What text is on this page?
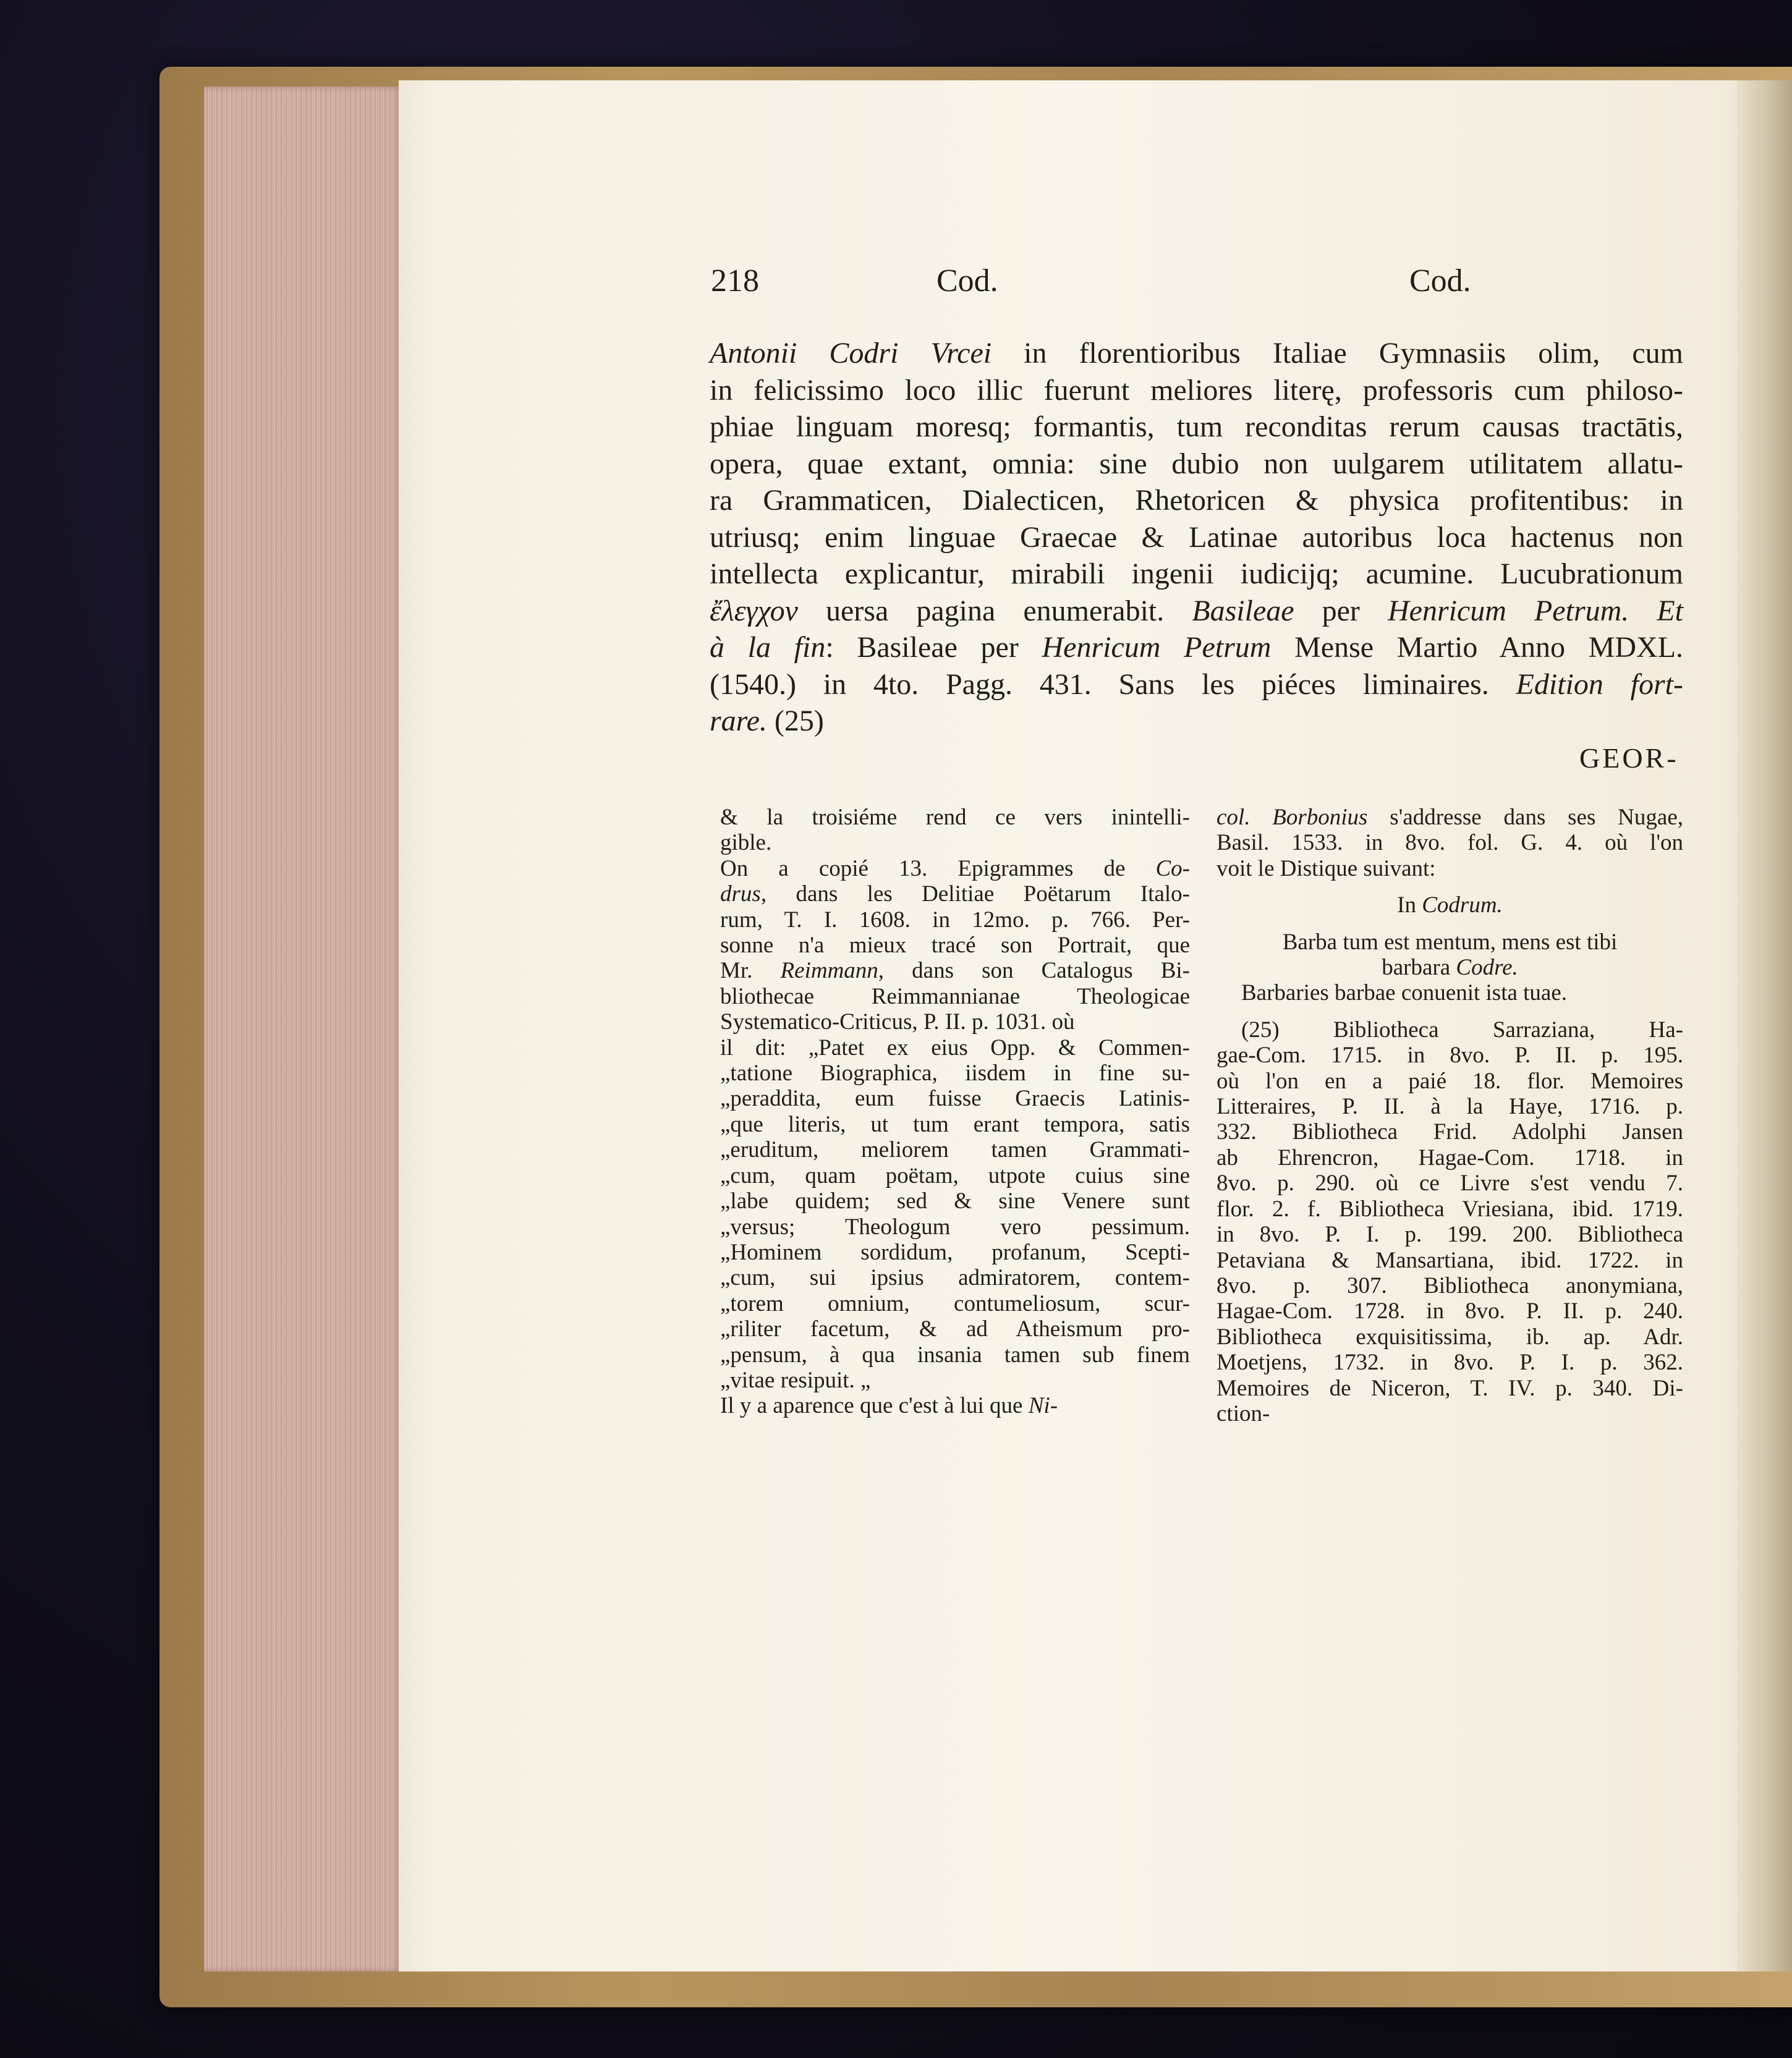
218	Cod.	Cod.
Antonii Codri Vrcei in florentioribus Italiae Gymnasiis olim, cum
in felicissimo loco illic fuerunt meliores literę, professoris cum philoso-
phiae linguam moresq; formantis, tum reconditas rerum causas tractātis,
opera, quae extant, omnia: sine dubio non uulgarem utilitatem allatu-
ra Grammaticen, Dialecticen, Rhetoricen & physica profitentibus: in
utriusq; enim linguae Graecae & Latinae autoribus loca hactenus non
intellecta explicantur, mirabili ingenii iudicijq; acumine. Lucubrationum
ἔλεγχον uersa pagina enumerabit. Basileae per Henricum Petrum. Et
à la fin: Basileae per Henricum Petrum Mense Martio Anno MDXL.
(1540.) in 4to. Pagg. 431. Sans les piéces liminaires. Edition fort-
rare. (25)
GEOR-
& la troisiéme rend ce vers inintelli-
gible.
On a copié 13. Epigrammes de Co-
drus, dans les Delitiae Poëtarum Italo-
rum, T. I. 1608. in 12mo. p. 766. Per-
sonne n'a mieux tracé son Portrait, que
Mr. Reimmann, dans son Catalogus Bi-
bliothecae Reimmannianae Theologicae
Systematico-Criticus, P. II. p. 1031. où
il dit: „Patet ex eius Opp. & Commen-
„tatione Biographica, iisdem in fine su-
„peraddita, eum fuisse Graecis Latinis-
„que literis, ut tum erant tempora, satis
„eruditum, meliorem tamen Grammati-
„cum, quam poëtam, utpote cuius sine
„labe quidem; sed & sine Venere sunt
„versus; Theologum vero pessimum.
„Hominem sordidum, profanum, Scepti-
„cum, sui ipsius admiratorem, contem-
„torem omnium, contumeliosum, scur-
„riliter facetum, & ad Atheismum pro-
„pensum, à qua insania tamen sub finem
„vitae resipuit. „
Il y a aparence que c'est à lui que Ni-
col. Borbonius s'addresse dans ses Nugae,
Basil. 1533. in 8vo. fol. G. 4. où l'on
voit le Distique suivant:

In Codrum.

Barba tum est mentum, mens est tibi
barbara Codre.
Barbaries barbae conuenit ista tuae.

(25) Bibliotheca Sarraziana, Ha-
gae-Com. 1715. in 8vo. P. II. p. 195.
où l'on en a paié 18. flor. Memoires
Litteraires, P. II. à la Haye, 1716. p.
332. Bibliotheca Frid. Adolphi Jansen
ab Ehrencron, Hagae-Com. 1718. in
8vo. p. 290. où ce Livre s'est vendu 7.
flor. 2. f. Bibliotheca Vriesiana, ibid. 1719.
in 8vo. P. I. p. 199. 200. Bibliotheca
Petaviana & Mansartiana, ibid. 1722. in
8vo. p. 307. Bibliotheca anonymiana,
Hagae-Com. 1728. in 8vo. P. II. p. 240.
Bibliotheca exquisitissima, ib. ap. Adr.
Moetjens, 1732. in 8vo. P. I. p. 362.
Memoires de Niceron, T. IV. p. 340. Di-
ction-
